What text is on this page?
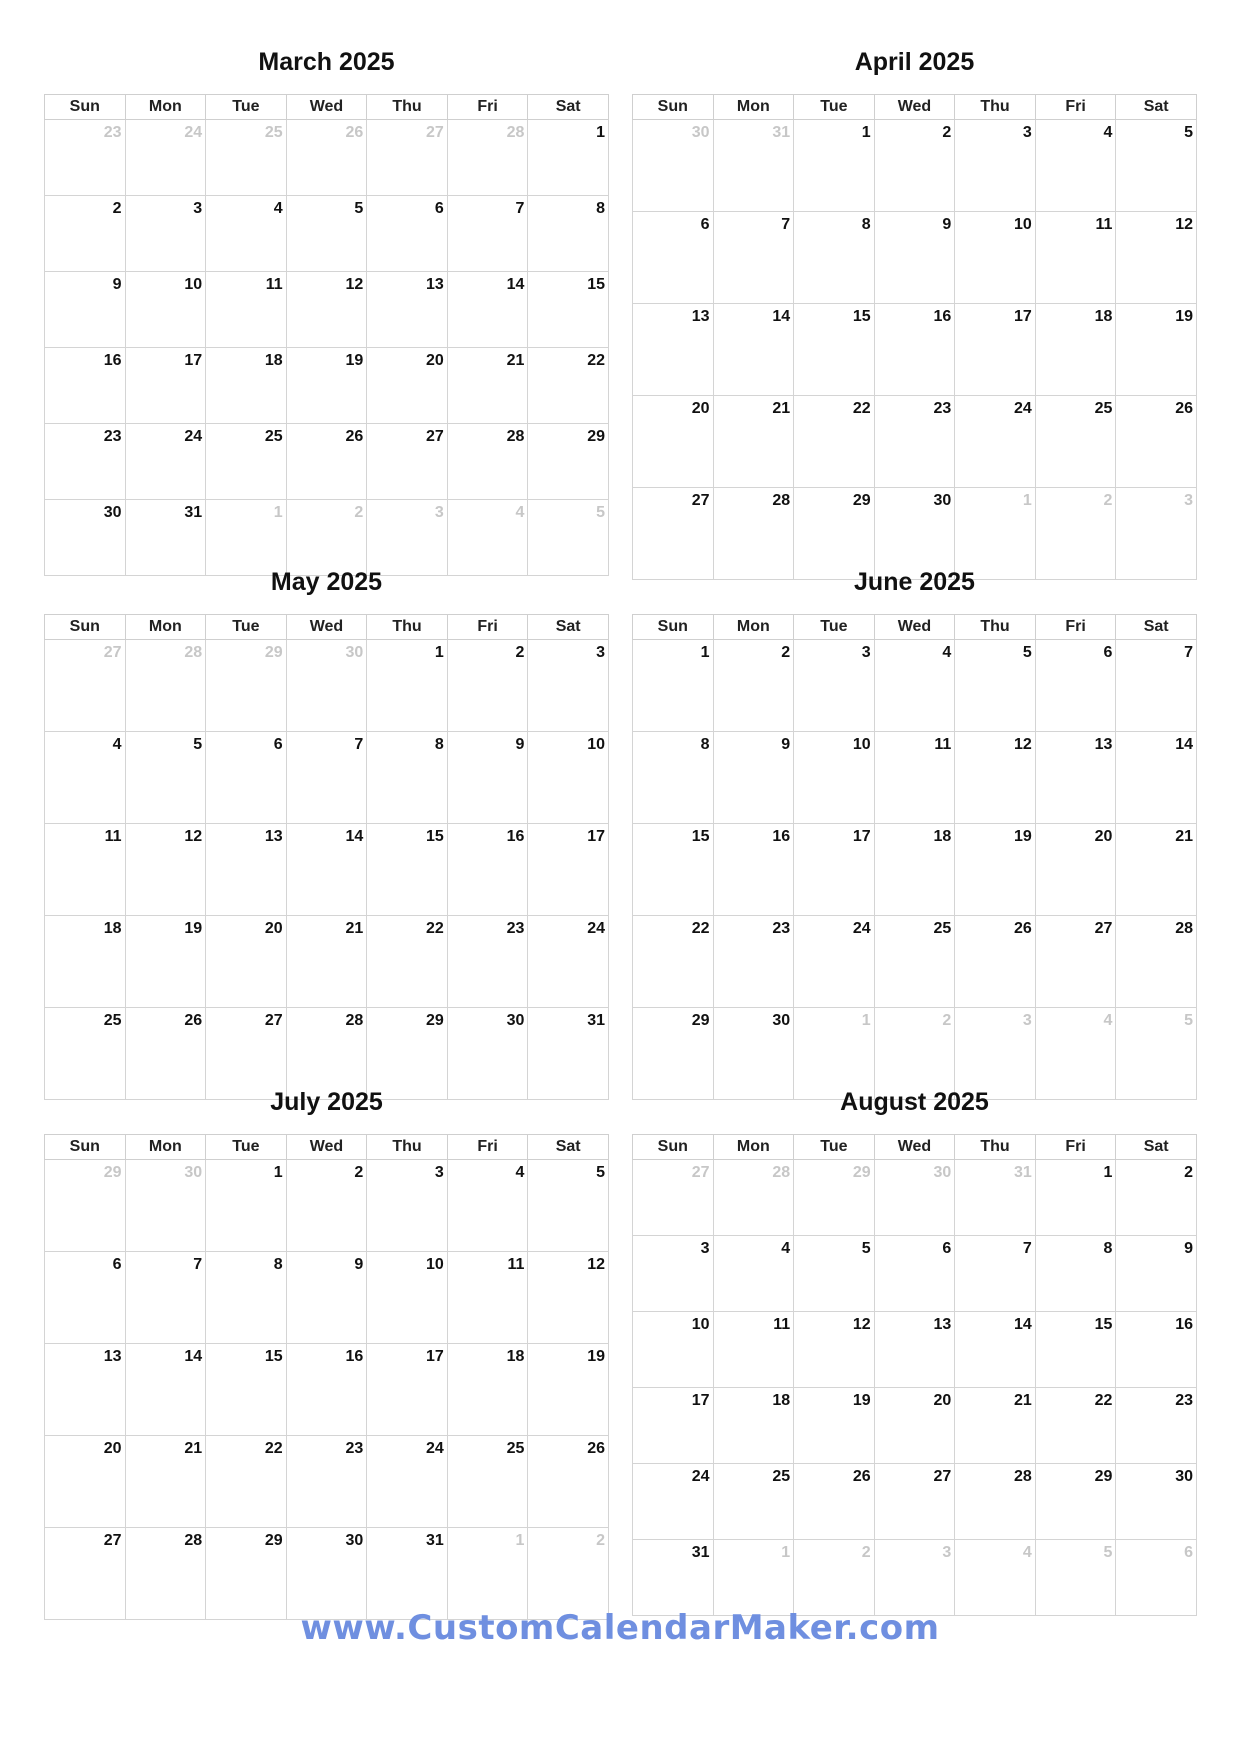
March 2025
Sun	Mon	Tue	Wed	Thu	Fri	Sat
23	24	25	26	27	28	1
2	3	4	5	6	7	8
9	10	11	12	13	14	15
16	17	18	19	20	21	22
23	24	25	26	27	28	29
30	31	1	2	3	4	5
April 2025
Sun	Mon	Tue	Wed	Thu	Fri	Sat
30	31	1	2	3	4	5
6	7	8	9	10	11	12
13	14	15	16	17	18	19
20	21	22	23	24	25	26
27	28	29	30	1	2	3
May 2025
Sun	Mon	Tue	Wed	Thu	Fri	Sat
27	28	29	30	1	2	3
4	5	6	7	8	9	10
11	12	13	14	15	16	17
18	19	20	21	22	23	24
25	26	27	28	29	30	31
June 2025
Sun	Mon	Tue	Wed	Thu	Fri	Sat
1	2	3	4	5	6	7
8	9	10	11	12	13	14
15	16	17	18	19	20	21
22	23	24	25	26	27	28
29	30	1	2	3	4	5
July 2025
Sun	Mon	Tue	Wed	Thu	Fri	Sat
29	30	1	2	3	4	5
6	7	8	9	10	11	12
13	14	15	16	17	18	19
20	21	22	23	24	25	26
27	28	29	30	31	1	2
August 2025
Sun	Mon	Tue	Wed	Thu	Fri	Sat
27	28	29	30	31	1	2
3	4	5	6	7	8	9
10	11	12	13	14	15	16
17	18	19	20	21	22	23
24	25	26	27	28	29	30
31	1	2	3	4	5	6
www.CustomCalendarMaker.com
